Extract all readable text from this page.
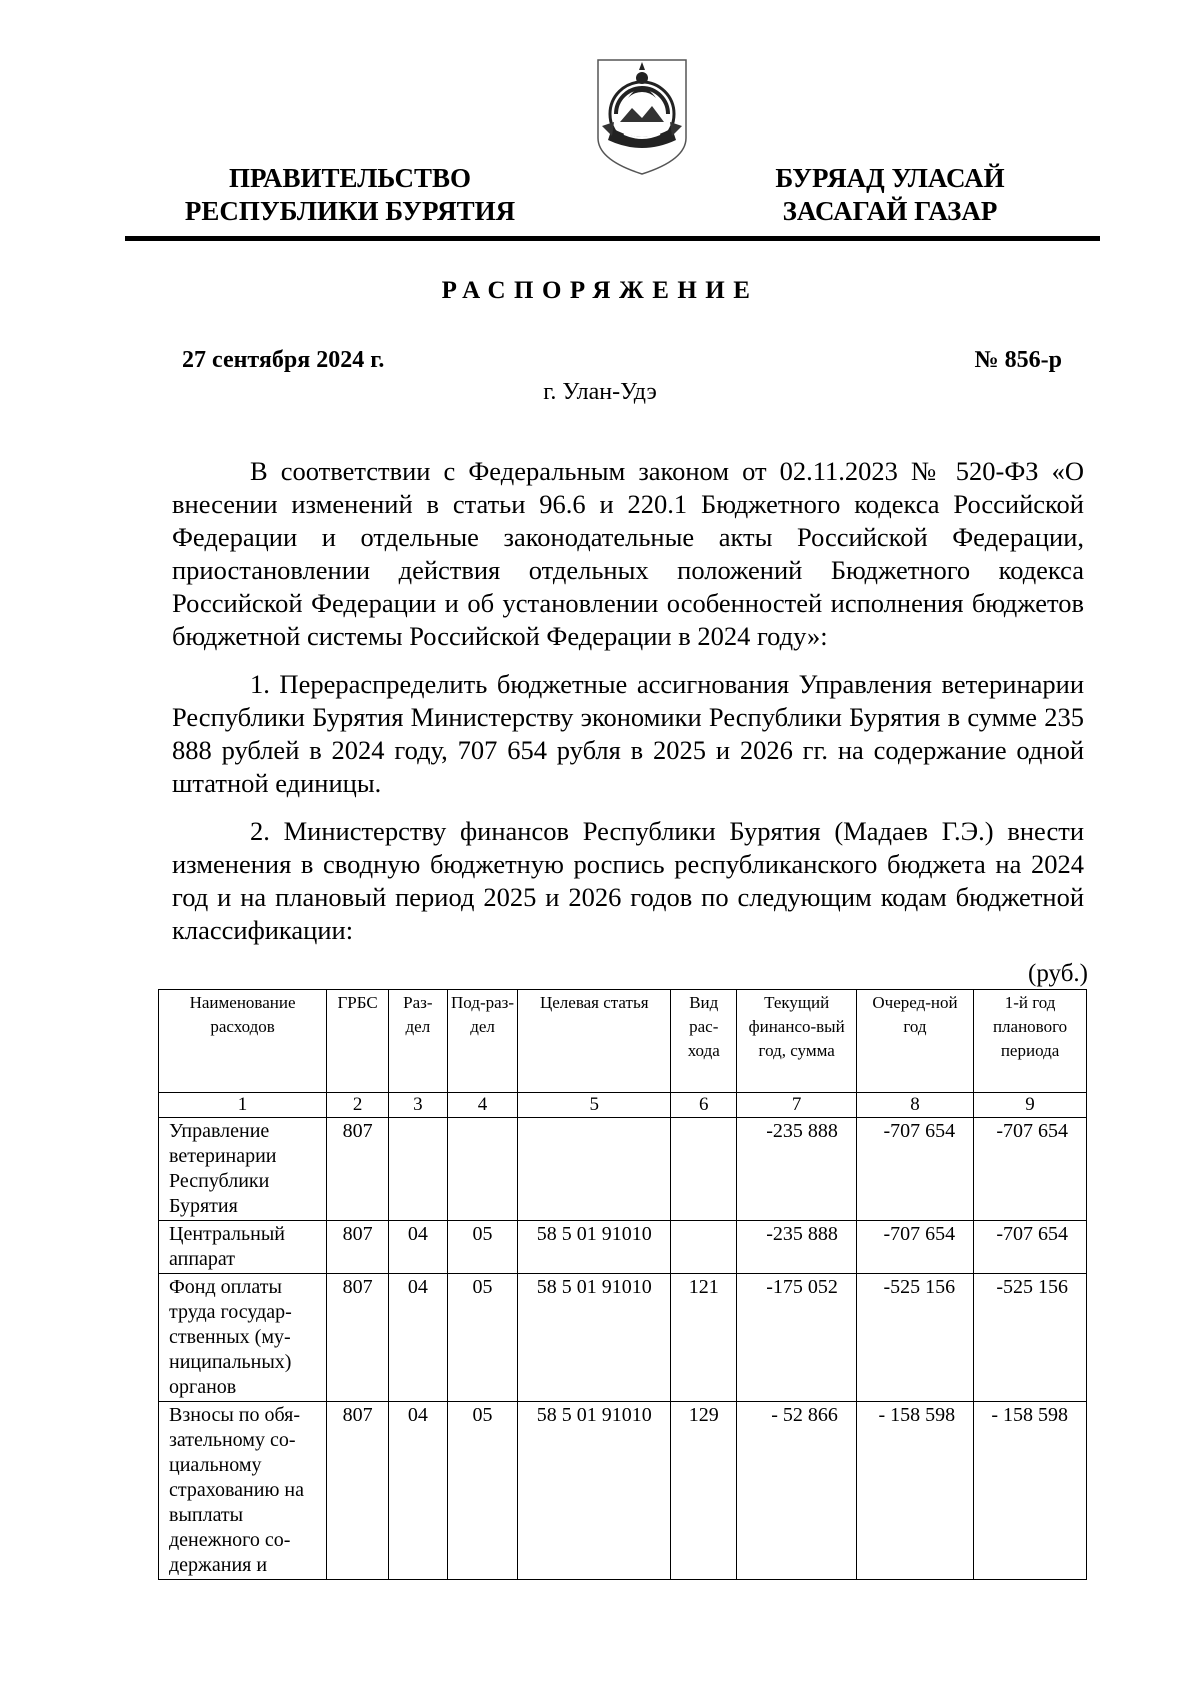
ПРАВИТЕЛЬСТВО
РЕСПУБЛИКИ БУРЯТИЯ
БУРЯАД УЛАСАЙ
ЗАСАГАЙ ГАЗАР
РАСПОРЯЖЕНИЕ
27 сентября 2024 г.	№ 856-р
г. Улан-Удэ

В соответствии с Федеральным законом от 02.11.2023 № 520-ФЗ «О внесении изменений в статьи 96.6 и 220.1 Бюджетного кодекса Российской Федерации и отдельные законодательные акты Российской Федерации, приостановлении действия отдельных положений Бюджетного кодекса Российской Федерации и об установлении особенностей исполнения бюджетов бюджетной системы Российской Федерации в 2024 году»:

1. Перераспределить бюджетные ассигнования Управления ветеринарии Республики Бурятия Министерству экономики Республики Бурятия в сумме 235 888 рублей в 2024 году, 707 654 рубля в 2025 и 2026 гг. на содержание одной штатной единицы.

2. Министерству финансов Республики Бурятия (Мадаев Г.Э.) внести изменения в сводную бюджетную роспись республиканского бюджета на 2024 год и на плановый период 2025 и 2026 годов по следующим кодам бюджетной классификации:

(руб.)
Наименование расходов	ГРБС	Раз-дел	Под-раз-дел	Целевая статья	Вид рас-хода	Текущий финансо-вый год, сумма	Очеред-ной год	1-й год планового периода
1	2	3	4	5	6	7	8	9
Управление ветеринарии Республики Бурятия	807					-235 888	-707 654	-707 654
Центральный аппарат	807	04	05	58 5 01 91010		-235 888	-707 654	-707 654
Фонд оплаты труда государственных (муниципальных) органов	807	04	05	58 5 01 91010	121	-175 052	-525 156	-525 156
Взносы по обязательному социальному страхованию на выплаты денежного содержания и	807	04	05	58 5 01 91010	129	- 52 866	- 158 598	- 158 598
